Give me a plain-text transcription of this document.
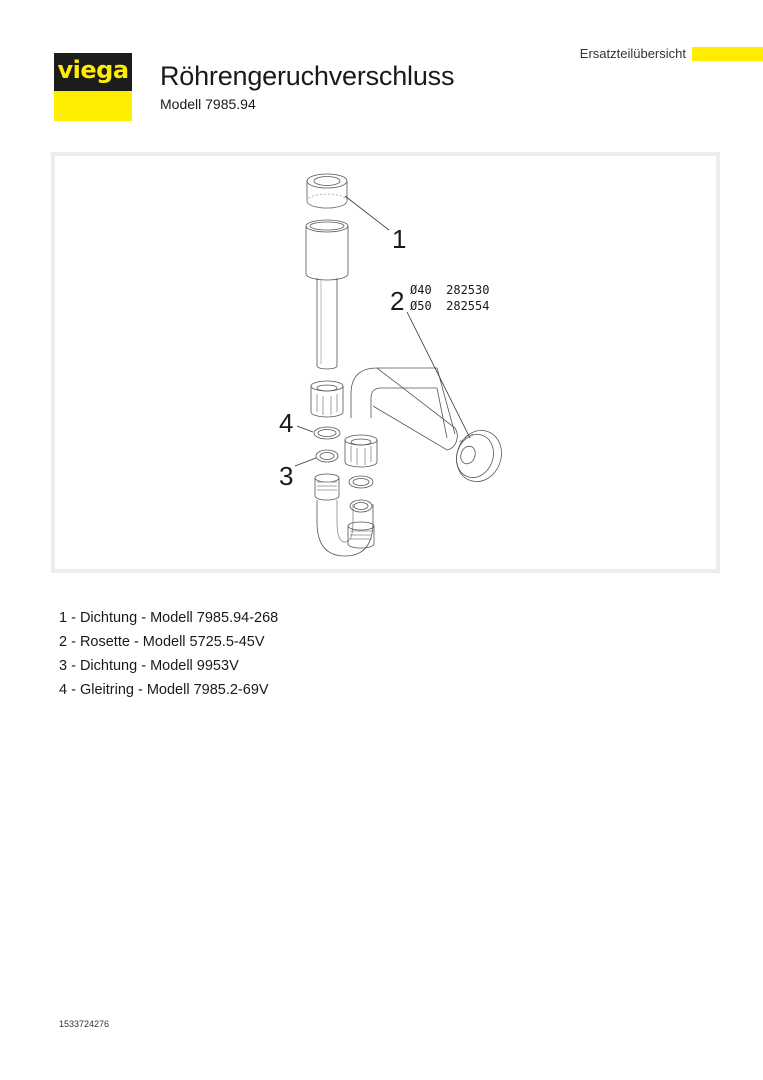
viega Röhrengeruchverschluss
Modell 7985.94
Ersatzteilübersicht
1
2 Ø40  282530
Ø50  282554
4
3
1 - Dichtung - Modell 7985.94-268
2 - Rosette - Modell 5725.5-45V
3 - Dichtung - Modell 9953V
4 - Gleitring - Modell 7985.2-69V
1533724276
